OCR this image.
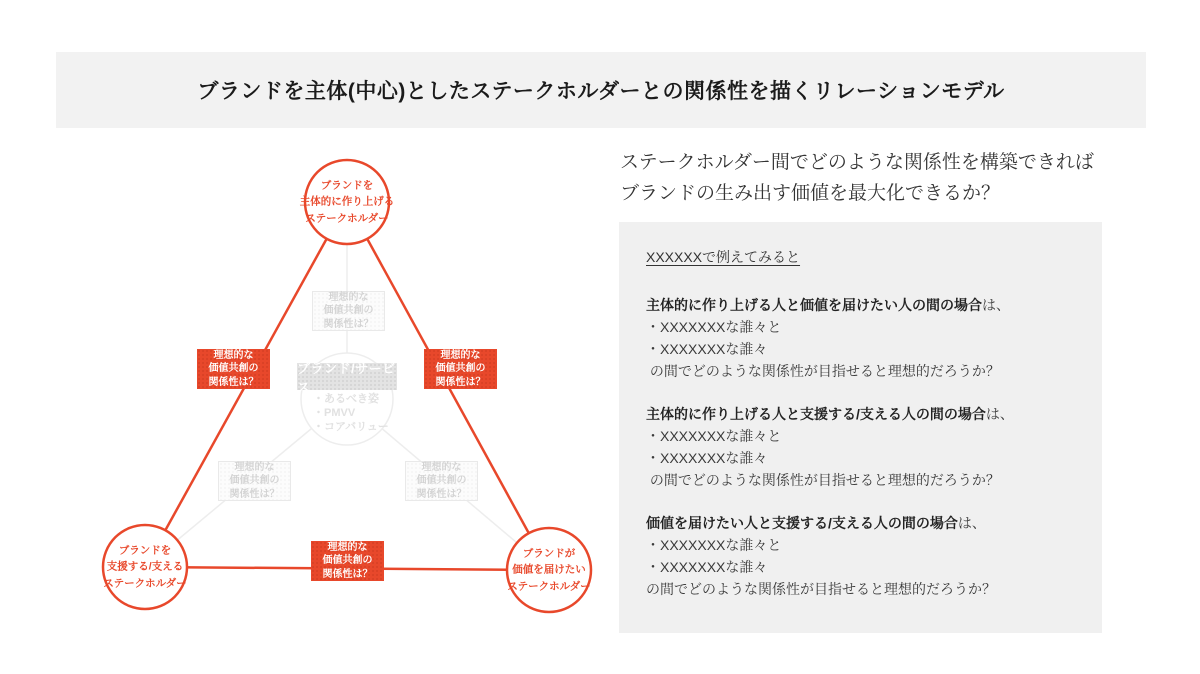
ブランドを主体(中心)としたステークホルダーとの関係性を描くリレーションモデル
ブランドを
主体的に作り上げる
ステークホルダー
ブランドを
支援する/支える
ステークホルダー
ブランドが
価値を届けたい
ステークホルダー
理想的な
価値共創の
関係性は？
理想的な
価値共創の
関係性は？
理想的な
価値共創の
関係性は？
理想的な
価値共創の
関係性は？
理想的な
価値共創の
関係性は？
理想的な
価値共創の
関係性は？
ブランド/サービス
・あるべき姿
・PMVV
・コアバリュー
ステークホルダー間でどのような関係性を構築できれば
ブランドの生み出す価値を最大化できるか？
XXXXXXで例えてみると
主体的に作り上げる人と価値を届けたい人の間の場合は、
・XXXXXXXな誰々と
・XXXXXXXな誰々
の間でどのような関係性が目指せると理想的だろうか？
主体的に作り上げる人と支援する/支える人の間の場合は、
・XXXXXXXな誰々と
・XXXXXXXな誰々
の間でどのような関係性が目指せると理想的だろうか？
価値を届けたい人と支援する/支える人の間の場合は、
・XXXXXXXな誰々と
・XXXXXXXな誰々
の間でどのような関係性が目指せると理想的だろうか？
